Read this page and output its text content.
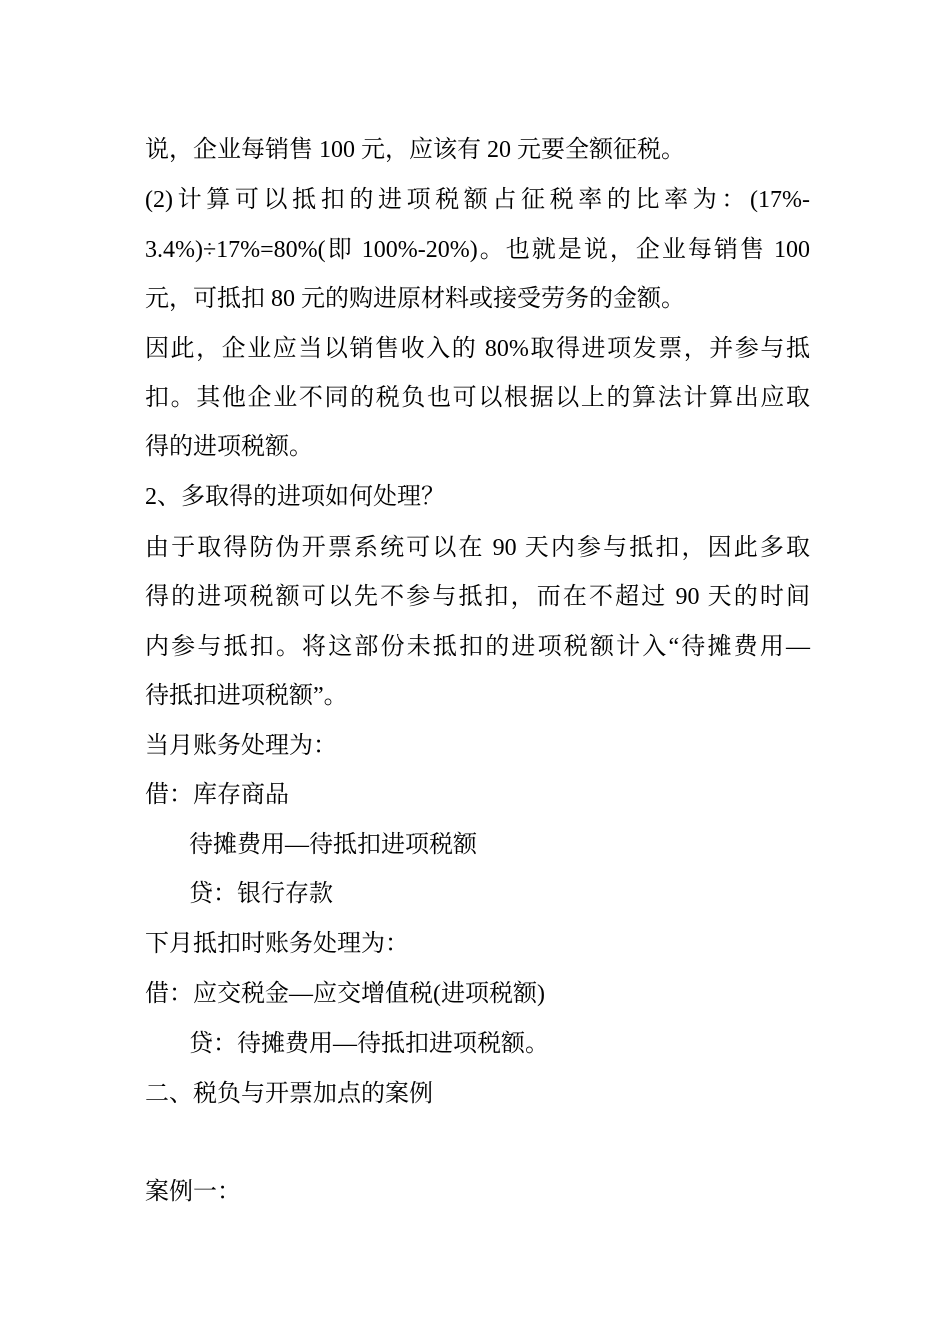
说，企业每销售 100 元，应该有 20 元要全额征税。
(2)计算可以抵扣的进项税额占征税率的比率为：(17%-
3.4%)÷17%=80%(即 100%-20%)。也就是说，企业每销售 100
元，可抵扣 80 元的购进原材料或接受劳务的金额。
因此，企业应当以销售收入的 80%取得进项发票，并参与抵
扣。其他企业不同的税负也可以根据以上的算法计算出应取
得的进项税额。
2、多取得的进项如何处理？
由于取得防伪开票系统可以在 90 天内参与抵扣，因此多取
得的进项税额可以先不参与抵扣，而在不超过 90 天的时间
内参与抵扣。将这部份未抵扣的进项税额计入“待摊费用—
待抵扣进项税额”。
当月账务处理为：
借：库存商品
待摊费用—待抵扣进项税额
贷：银行存款
下月抵扣时账务处理为：
借：应交税金—应交增值税(进项税额)
贷：待摊费用—待抵扣进项税额。
二、税负与开票加点的案例
案例一：
